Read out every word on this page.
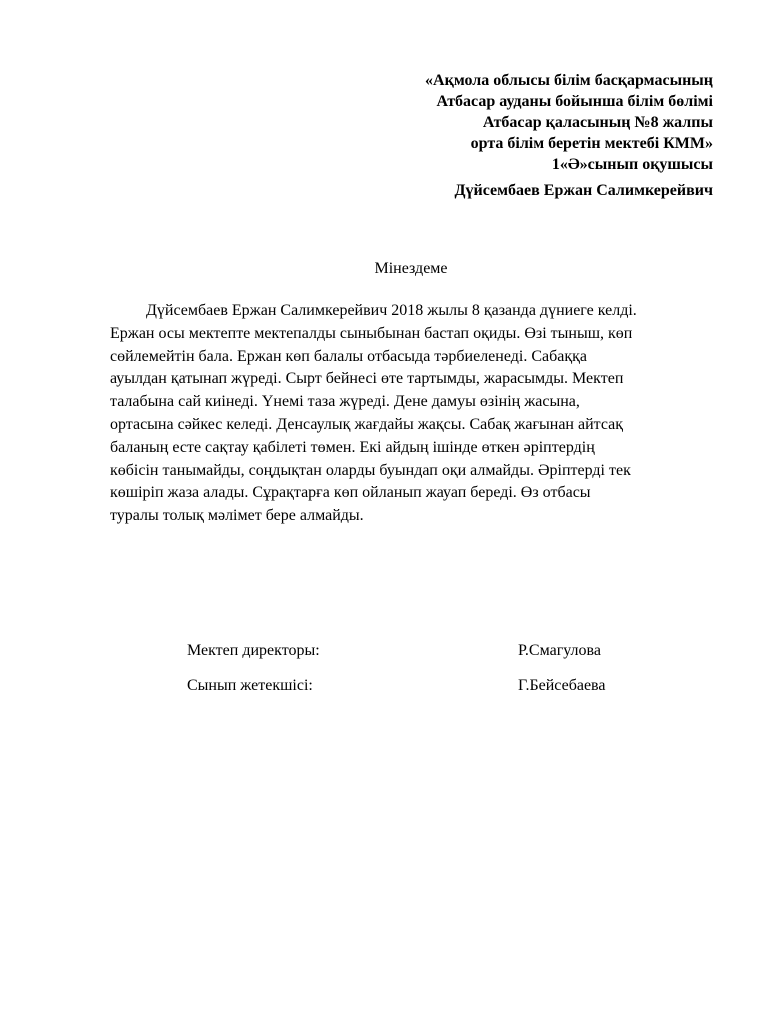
«Ақмола облысы білім басқармасының
Атбасар ауданы бойынша білім бөлімі
Атбасар қаласының №8 жалпы
орта білім беретін мектебі КММ»
1«Ә»сынып оқушысы
Дүйсембаев Ержан Салимкерейвич
Мінездеме

Дүйсембаев Ержан Салимкерейвич 2018 жылы 8 қазанда дүниеге келді.
Ержан осы мектепте мектепалды сыныбынан бастап оқиды. Өзі тыныш, көп
сөйлемейтін бала. Ержан көп балалы отбасыда тәрбиеленеді. Сабаққа
ауылдан қатынап жүреді. Сырт бейнесі өте тартымды, жарасымды. Мектеп
талабына сай киінеді. Үнемі таза жүреді. Дене дамуы өзінің жасына,
ортасына сәйкес келеді. Денсаулық жағдайы жақсы. Сабақ жағынан айтсақ
баланың есте сақтау қабілеті төмен. Екі айдың ішінде өткен әріптердің
көбісін танымайды, соңдықтан оларды буындап оқи алмайды. Әріптерді тек
көшіріп жаза алады. Сұрақтарға көп ойланып жауап береді. Өз отбасы
туралы толық мәлімет бере алмайды.

Мектеп директоры:	Р.Смагулова
Сынып жетекшісі:	Г.Бейсебаева
